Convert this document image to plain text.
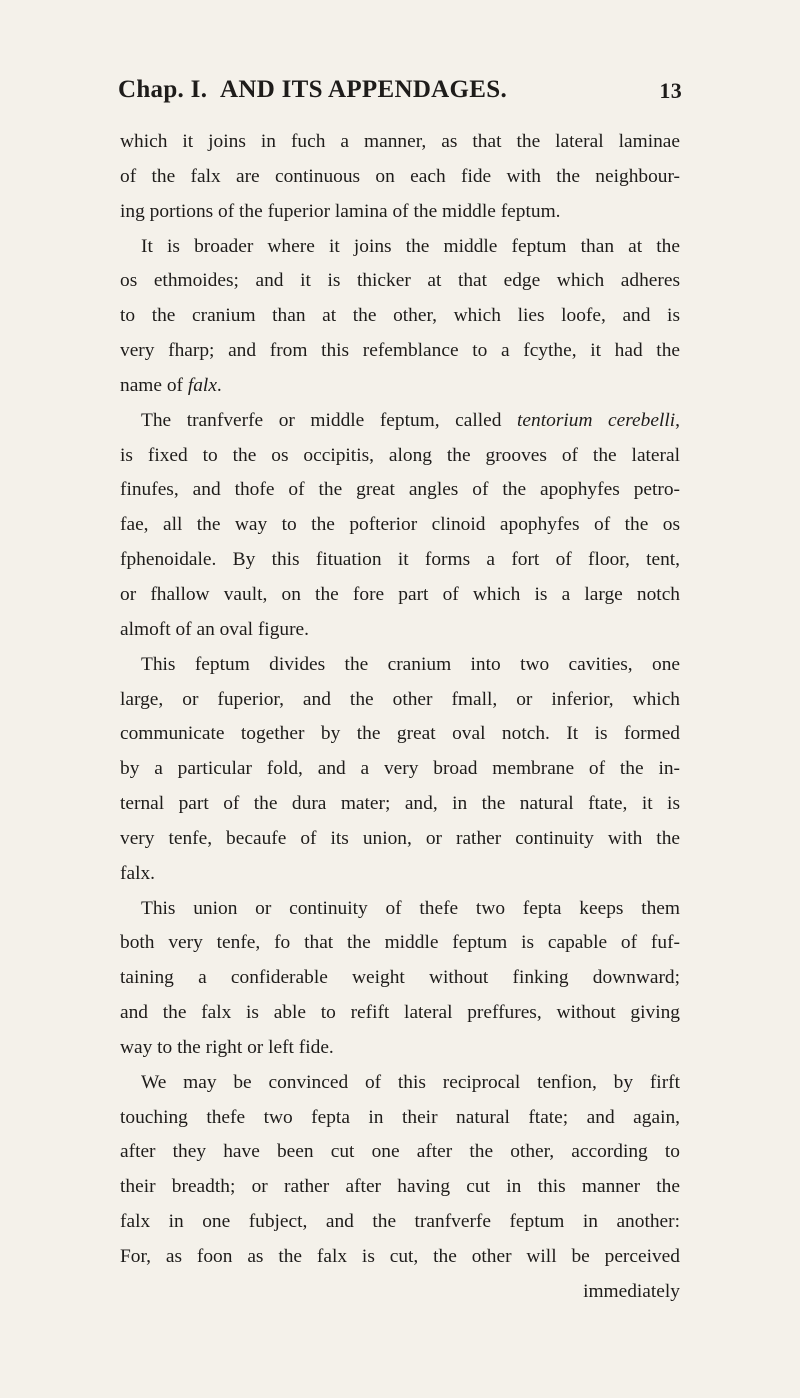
Chap. I. AND ITS APPENDAGES.	13
which it joins in fuch a manner, as that the lateral laminae
of the falx are continuous on each fide with the neighbour-
ing portions of the fuperior lamina of the middle feptum.
It is broader where it joins the middle feptum than at the
os ethmoides; and it is thicker at that edge which adheres
to the cranium than at the other, which lies loofe, and is
very fharp; and from this refemblance to a fcythe, it had the
name of falx.
The tranfverfe or middle feptum, called tentorium cerebelli,
is fixed to the os occipitis, along the grooves of the lateral
finufes, and thofe of the great angles of the apophyfes petro-
fae, all the way to the pofterior clinoid apophyfes of the os
fphenoidale. By this fituation it forms a fort of floor, tent,
or fhallow vault, on the fore part of which is a large notch
almoft of an oval figure.
This feptum divides the cranium into two cavities, one
large, or fuperior, and the other fmall, or inferior, which
communicate together by the great oval notch. It is formed
by a particular fold, and a very broad membrane of the in-
ternal part of the dura mater; and, in the natural ftate, it is
very tenfe, becaufe of its union, or rather continuity with the
falx.
This union or continuity of thefe two fepta keeps them
both very tenfe, fo that the middle feptum is capable of fuf-
taining a confiderable weight without finking downward;
and the falx is able to refift lateral preffures, without giving
way to the right or left fide.
We may be convinced of this reciprocal tenfion, by firft
touching thefe two fepta in their natural ftate; and again,
after they have been cut one after the other, according to
their breadth; or rather after having cut in this manner the
falx in one fubject, and the tranfverfe feptum in another:
For, as foon as the falx is cut, the other will be perceived
immediately
